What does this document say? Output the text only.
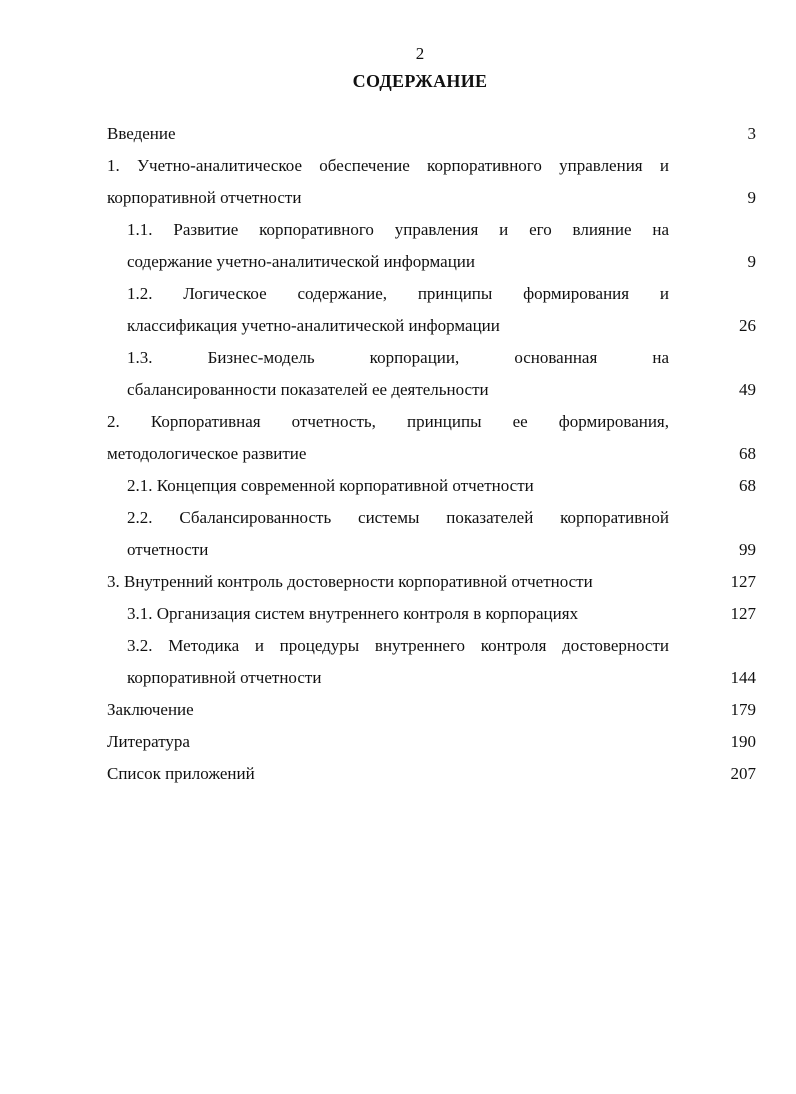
2
СОДЕРЖАНИЕ
Введение	3
1. Учетно-аналитическое обеспечение корпоративного управления и
корпоративной отчетности	9
1.1. Развитие корпоративного управления и его влияние на
содержание учетно-аналитической информации	9
1.2. Логическое содержание, принципы формирования и
классификация учетно-аналитической информации	26
1.3. Бизнес-модель корпорации, основанная на
сбалансированности показателей ее деятельности	49
2. Корпоративная отчетность, принципы ее формирования,
методологическое развитие	68
2.1. Концепция современной корпоративной отчетности	68
2.2. Сбалансированность системы показателей корпоративной
отчетности	99
3. Внутренний контроль достоверности корпоративной отчетности	127
3.1. Организация систем внутреннего контроля в корпорациях	127
3.2. Методика и процедуры внутреннего контроля достоверности
корпоративной отчетности	144
Заключение	179
Литература	190
Список приложений	207
